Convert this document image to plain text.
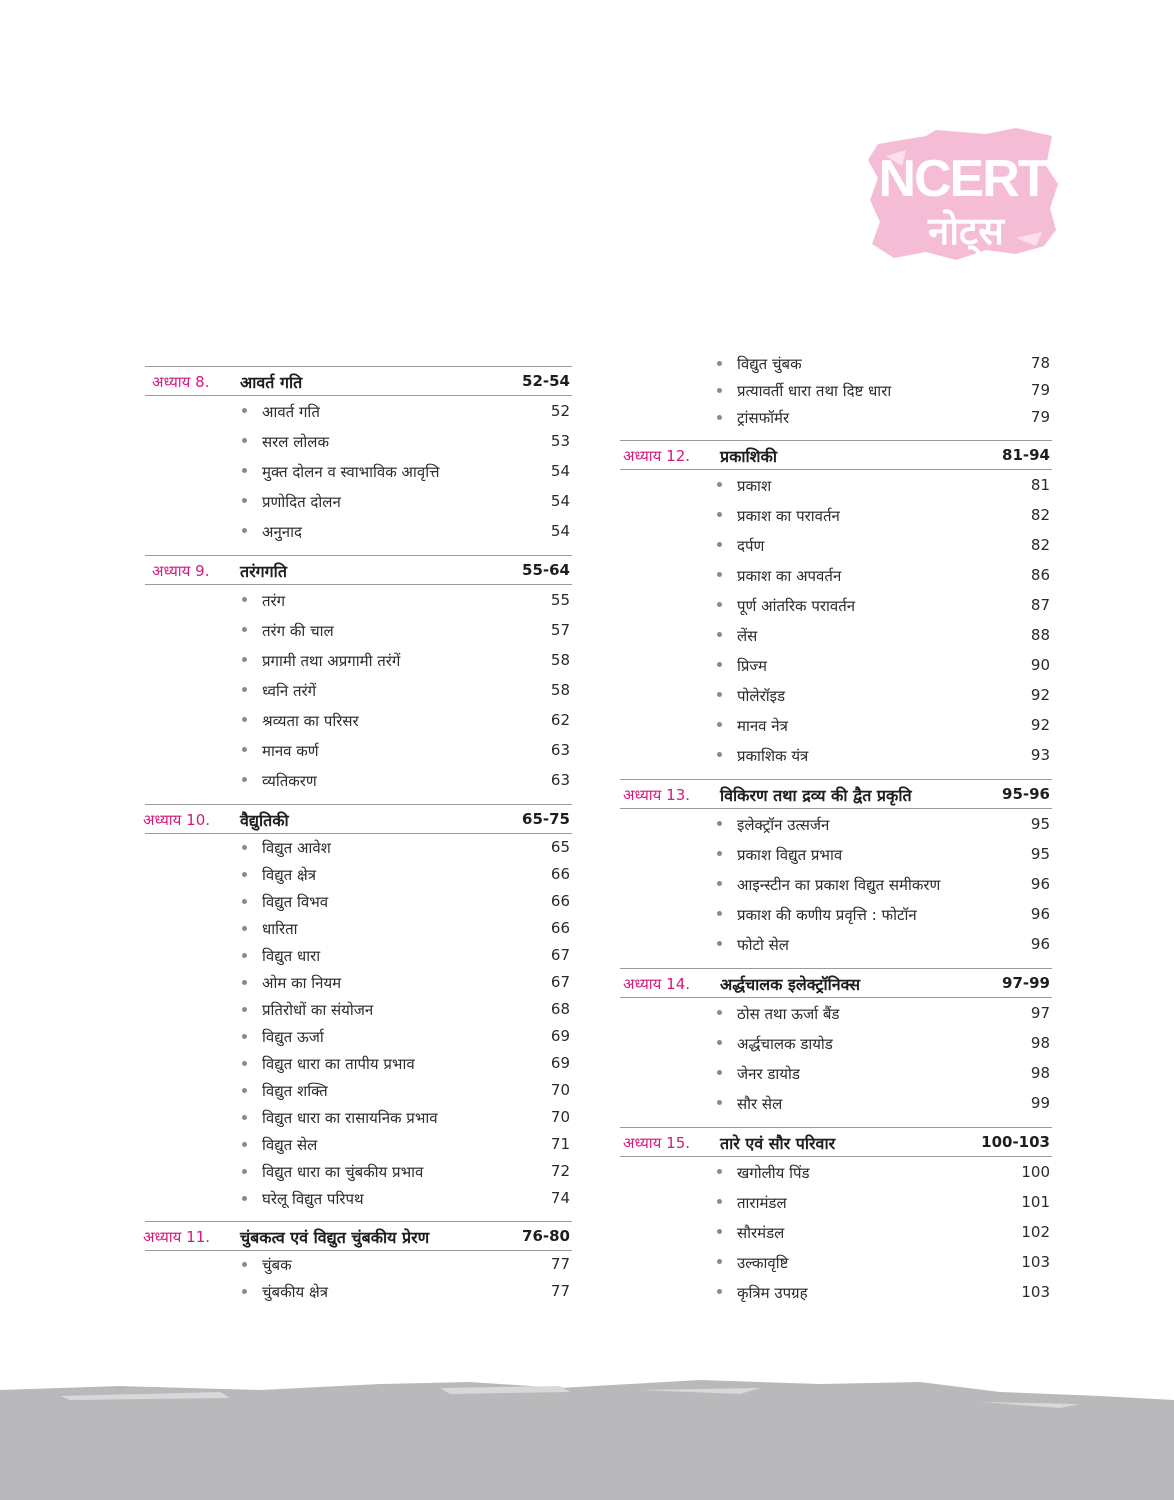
NCERT
नोट्स
अध्याय 8. आवर्त गति	52-54
आवर्त गति	52
सरल लोलक	53
मुक्त दोलन व स्वाभाविक आवृत्ति	54
प्रणोदित दोलन	54
अनुनाद	54
अध्याय 9. तरंगगति	55-64
तरंग	55
तरंग की चाल	57
प्रगामी तथा अप्रगामी तरंगें	58
ध्वनि तरंगें	58
श्रव्यता का परिसर	62
मानव कर्ण	63
व्यतिकरण	63
अध्याय 10. वैद्युतिकी	65-75
विद्युत आवेश	65
विद्युत क्षेत्र	66
विद्युत विभव	66
धारिता	66
विद्युत धारा	67
ओम का नियम	67
प्रतिरोधों का संयोजन	68
विद्युत ऊर्जा	69
विद्युत धारा का तापीय प्रभाव	69
विद्युत शक्ति	70
विद्युत धारा का रासायनिक प्रभाव	70
विद्युत सेल	71
विद्युत धारा का चुंबकीय प्रभाव	72
घरेलू विद्युत परिपथ	74
अध्याय 11. चुंबकत्व एवं विद्युत चुंबकीय प्रेरण	76-80
चुंबक	77
चुंबकीय क्षेत्र	77
विद्युत चुंबक	78
प्रत्यावर्ती धारा तथा दिष्ट धारा	79
ट्रांसफॉर्मर	79
अध्याय 12. प्रकाशिकी	81-94
प्रकाश	81
प्रकाश का परावर्तन	82
दर्पण	82
प्रकाश का अपवर्तन	86
पूर्ण आंतरिक परावर्तन	87
लेंस	88
प्रिज्म	90
पोलेरॉइड	92
मानव नेत्र	92
प्रकाशिक यंत्र	93
अध्याय 13. विकिरण तथा द्रव्य की द्वैत प्रकृति	95-96
इलेक्ट्रॉन उत्सर्जन	95
प्रकाश विद्युत प्रभाव	95
आइन्स्टीन का प्रकाश विद्युत समीकरण	96
प्रकाश की कणीय प्रवृत्ति : फोटॉन	96
फोटो सेल	96
अध्याय 14. अर्द्धचालक इलेक्ट्रॉनिक्स	97-99
ठोस तथा ऊर्जा बैंड	97
अर्द्धचालक डायोड	98
जेनर डायोड	98
सौर सेल	99
अध्याय 15. तारे एवं सौर परिवार	100-103
खगोलीय पिंड	100
तारामंडल	101
सौरमंडल	102
उल्कावृष्टि	103
कृत्रिम उपग्रह	103
